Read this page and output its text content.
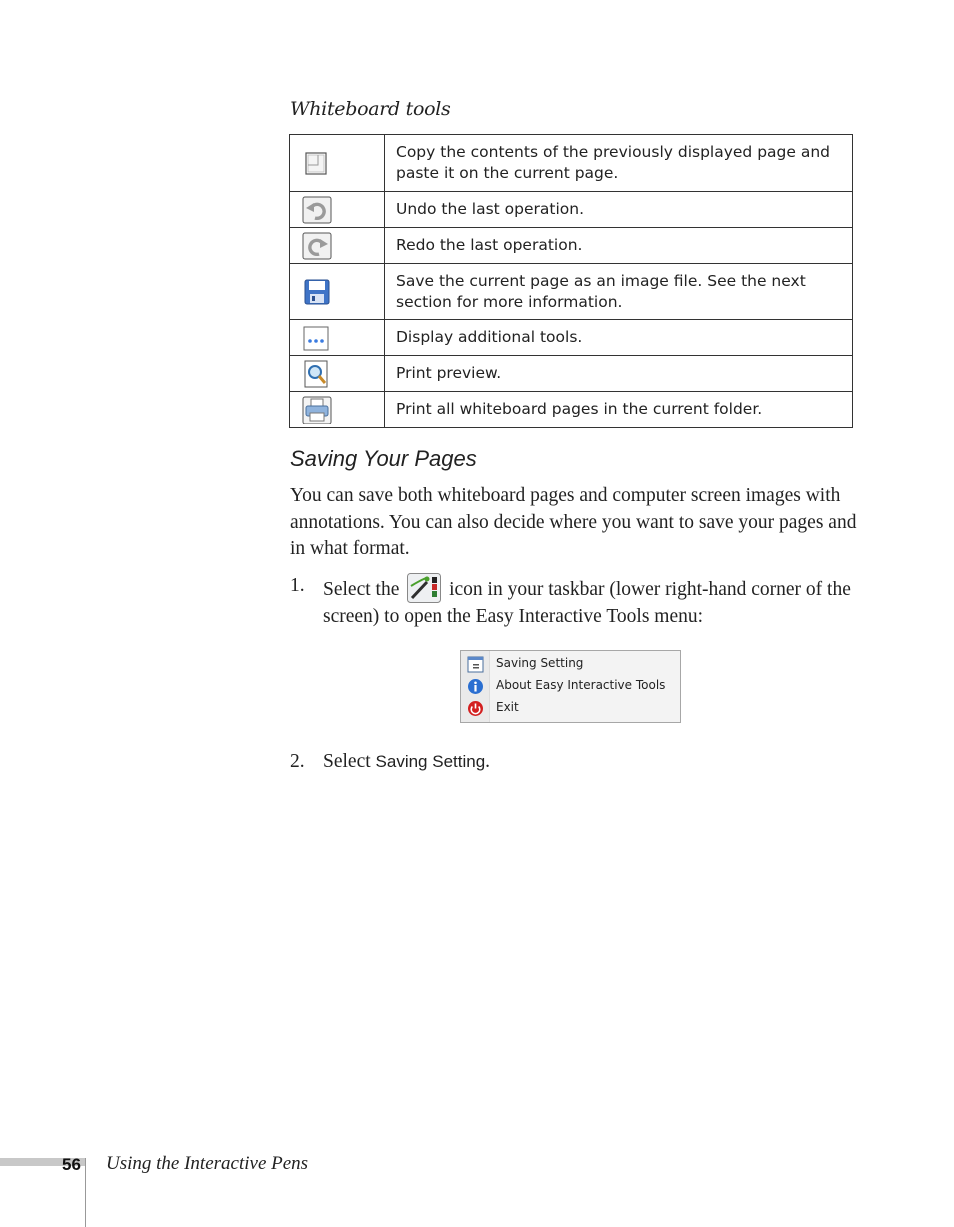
Whiteboard tools
	Copy the contents of the previously displayed page and paste it on the current page.

	Undo the last operation.

	Redo the last operation.

	Save the current page as an image file. See the next section for more information.

	Display additional tools.

	Print preview.

	Print all whiteboard pages in the current folder.
Saving Your Pages
You can save both whiteboard pages and computer screen images with annotations. You can also decide where you want to save your pages and in what format.
1. Select the	icon in your taskbar (lower right-hand corner of the screen) to open the Easy Interactive Tools menu:
Saving Setting
About Easy Interactive Tools
Exit
2. Select Saving Setting.
56 Using the Interactive Pens
